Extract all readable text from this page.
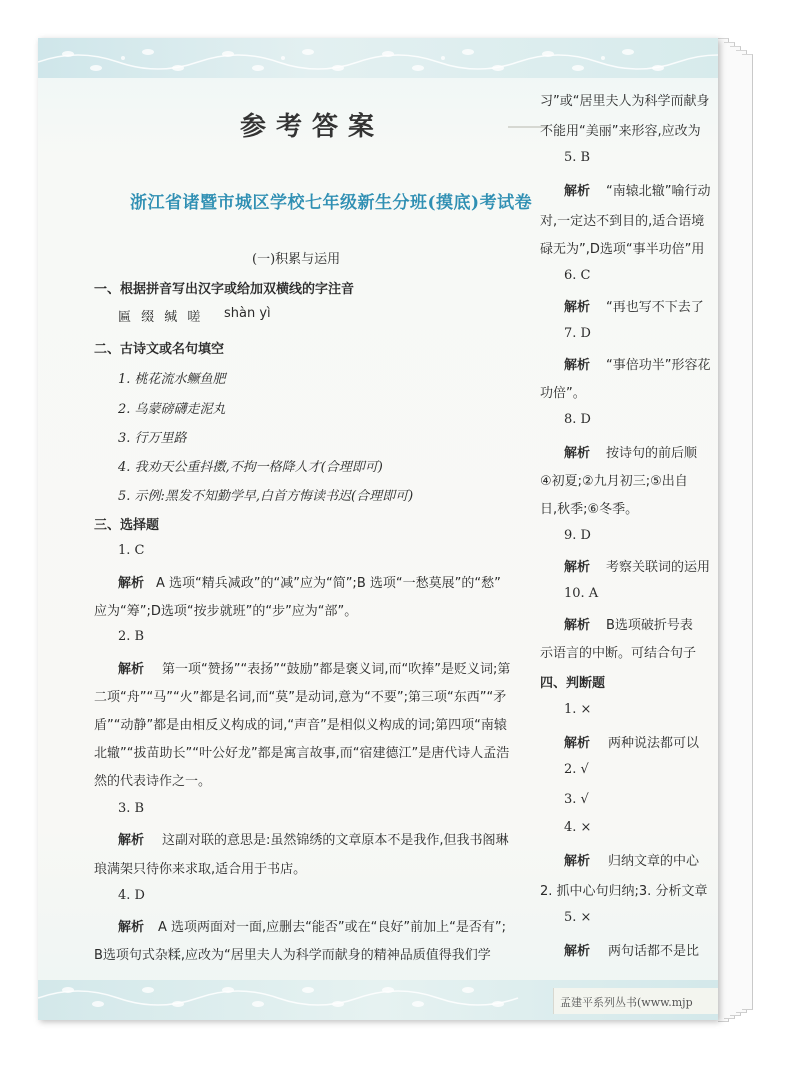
孟建平系列丛书(www.mjp
参考答案
浙江省诸暨市城区学校七年级新生分班(摸底)考试卷
(一)积累与运用
一、根据拼音写出汉字或给加双横线的字注音
匾 缀 缄 嗟 shàn yì
二、古诗文或名句填空
1. 桃花流水鳜鱼肥
2. 乌蒙磅礴走泥丸
3. 行万里路
4. 我劝天公重抖擞,不拘一格降人才(合理即可)
5. 示例:黑发不知勤学早,白首方悔读书迟(合理即可)
三、选择题
1. C
解析 A 选项“精兵减政”的“减”应为“简”;B 选项“一愁莫展”的“愁”
应为“筹”;D选项“按步就班”的“步”应为“部”。
2. B
解析 第一项“赞扬”“表扬”“鼓励”都是褒义词,而“吹捧”是贬义词;第
二项“舟”“马”“火”都是名词,而“莫”是动词,意为“不要”;第三项“东西”“矛
盾”“动静”都是由相反义构成的词,“声音”是相似义构成的词;第四项“南辕
北辙”“拔苗助长”“叶公好龙”都是寓言故事,而“宿建德江”是唐代诗人孟浩
然的代表诗作之一。
3. B
解析 这副对联的意思是:虽然锦绣的文章原本不是我作,但我书阁琳
琅满架只待你来求取,适合用于书店。
4. D
解析 A 选项两面对一面,应删去“能否”或在“良好”前加上“是否有”;
B选项句式杂糅,应改为“居里夫人为科学而献身的精神品质值得我们学
习”或“居里夫人为科学而献身
不能用“美丽”来形容,应改为
5. B
解析 “南辕北辙”喻行动
对,一定达不到目的,适合语境
碌无为”,D选项“事半功倍”用
6. C
解析 “再也写不下去了
7. D
解析 “事倍功半”形容花
功倍”。
8. D
解析 按诗句的前后顺
④初夏;②九月初三;⑤出自
日,秋季;⑥冬季。
9. D
解析 考察关联词的运用
10. A
解析 B选项破折号表
示语言的中断。可结合句子
四、判断题
1. ×
解析 两种说法都可以
2. √
3. √
4. ×
解析 归纳文章的中心
2. 抓中心句归纳;3. 分析文章
5. ×
解析 两句话都不是比
